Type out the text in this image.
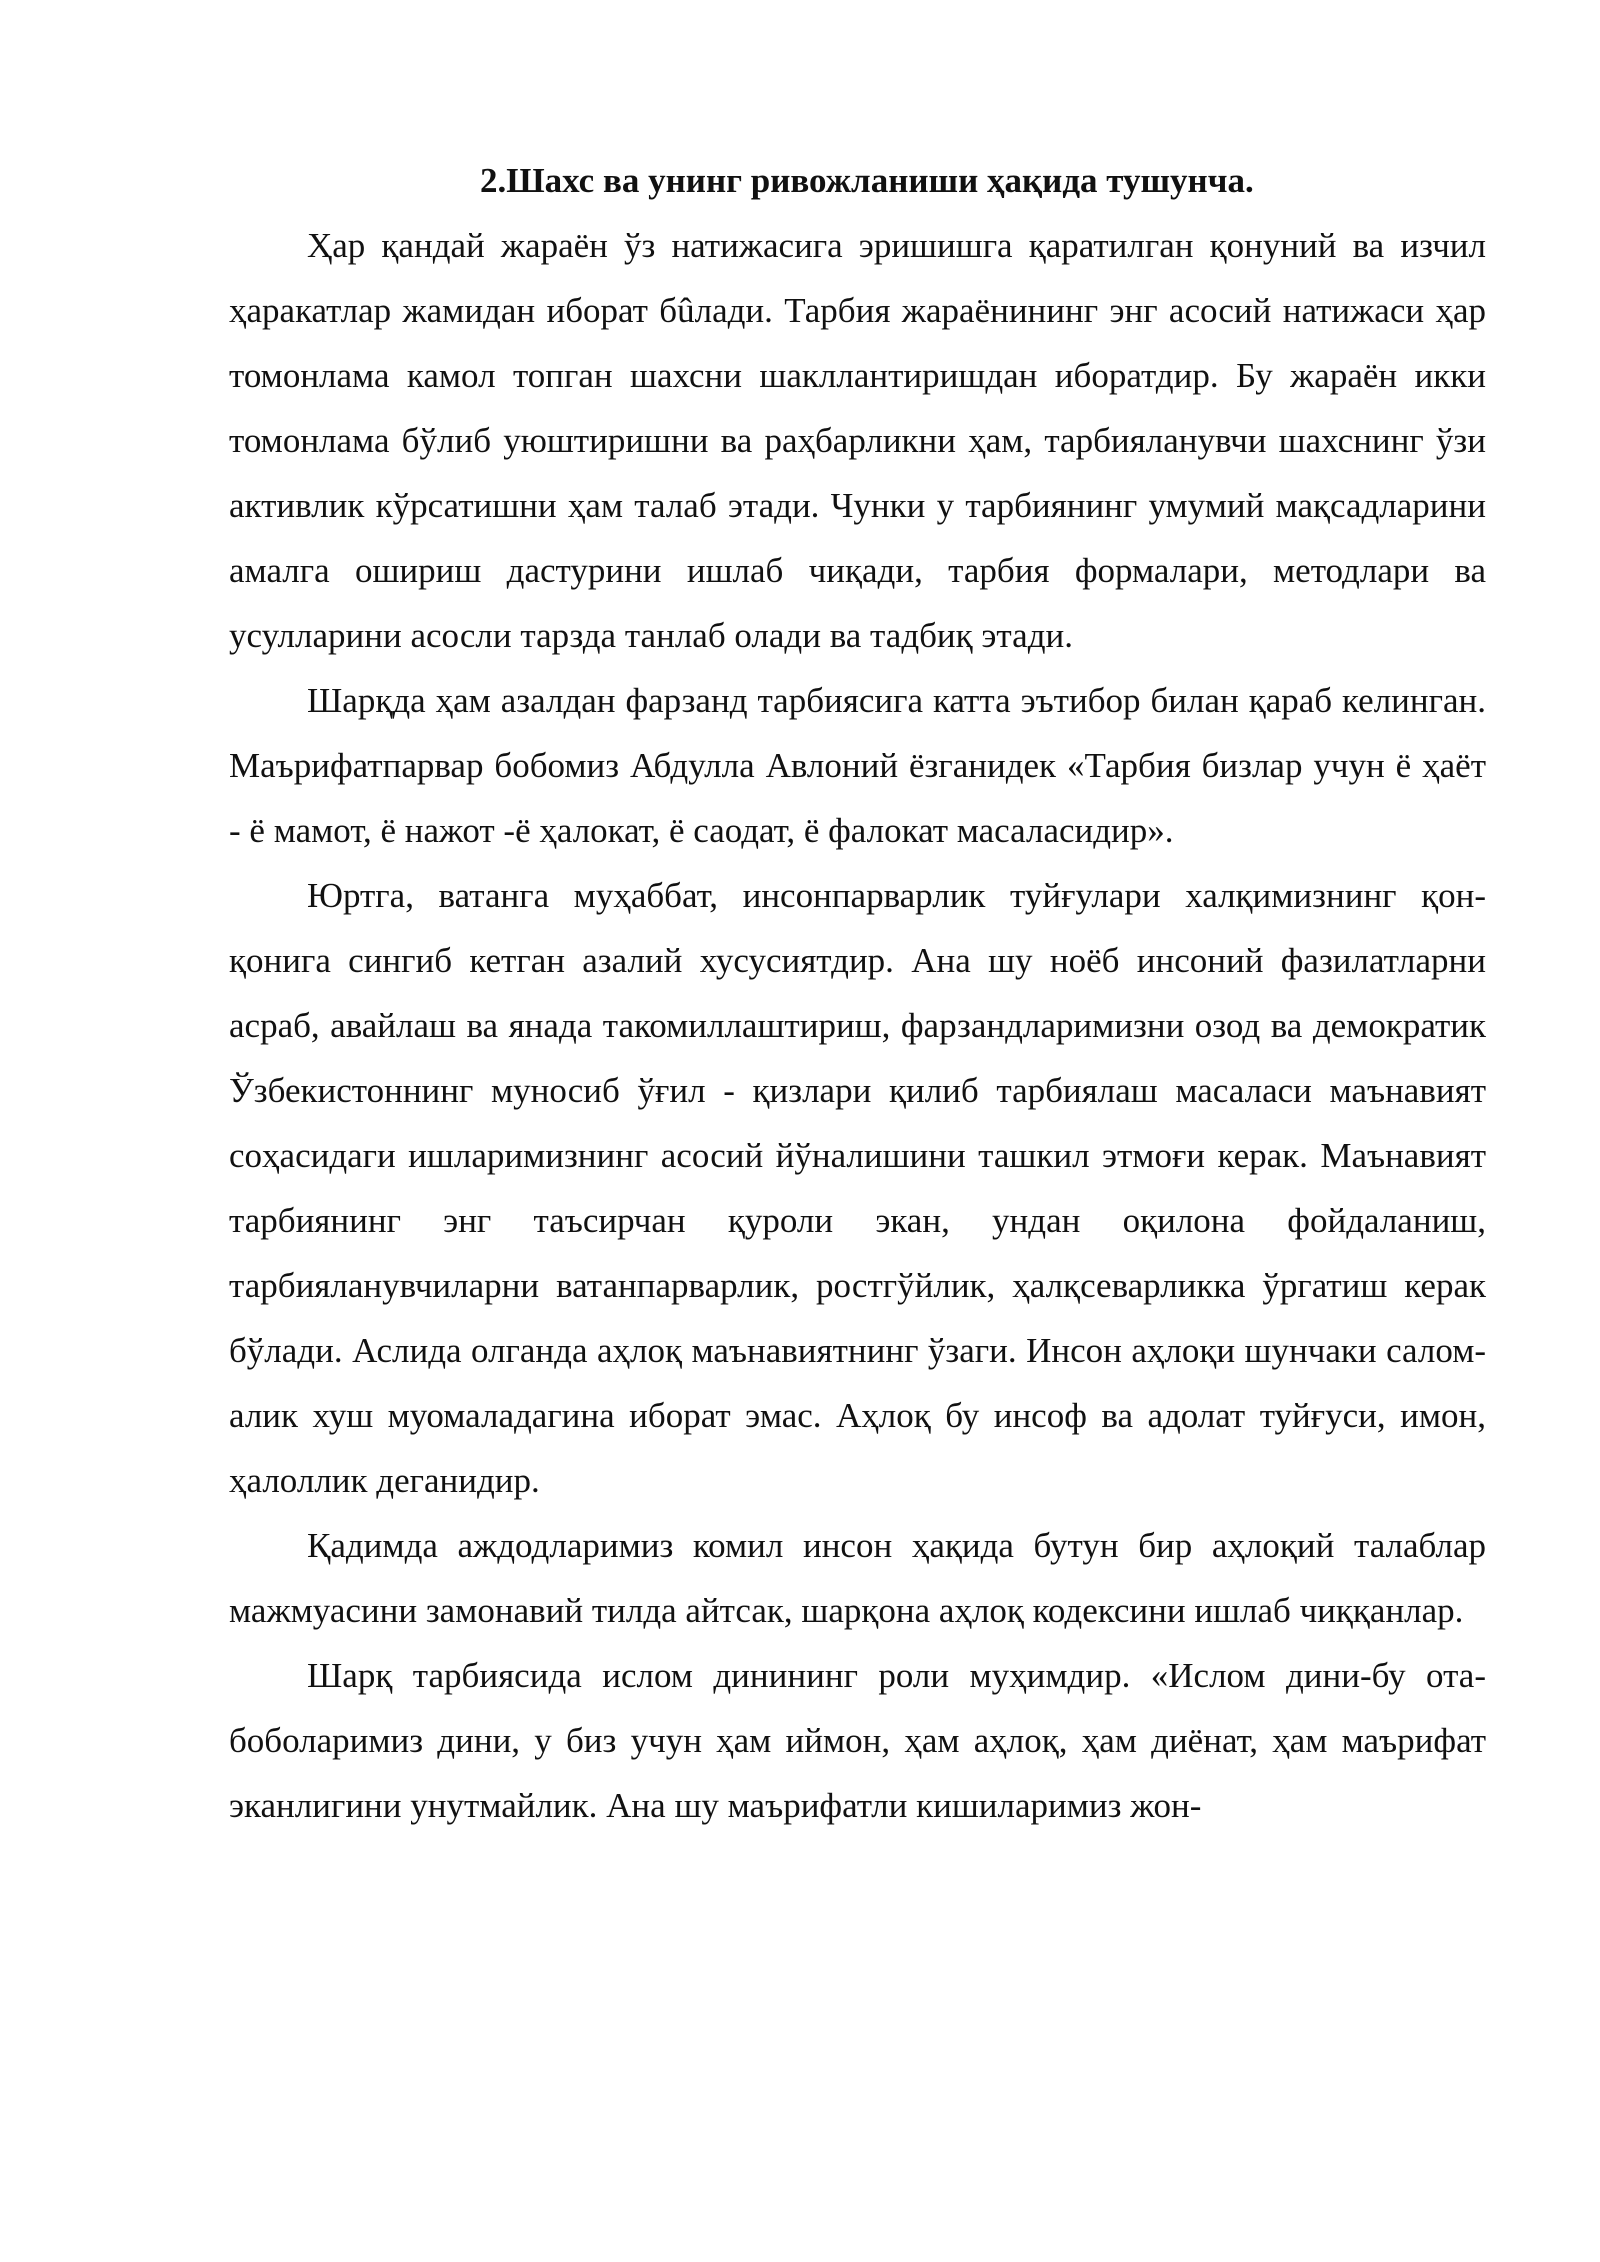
2.Шахс ва унинг ривожланиши ҳақида тушунча.

Ҳар қандай жараён ўз натижасига эришишга қаратилган қонуний ва изчил ҳаракатлар жамидан иборат бûлади. Тарбия жараёнининг энг асосий натижаси ҳар томонлама камол топган шахсни шакллантиришдан иборатдир. Бу жараён икки томонлама бўлиб уюштиришни ва раҳбарликни ҳам, тарбияланувчи шахснинг ўзи активлик кўрсатишни ҳам талаб этади. Чунки у тарбиянинг умумий мақсадларини амалга ошириш дастурини ишлаб чиқади, тарбия формалари, методлари ва усулларини асосли тарзда танлаб олади ва тадбиқ этади.

Шарқда ҳам азалдан фарзанд тарбиясига катта эътибор билан қараб келинган. Маърифатпарвар бобомиз Абдулла Авлоний ёзганидек «Тарбия бизлар учун ё ҳаёт - ё мамот, ё нажот -ё ҳалокат, ё саодат, ё фалокат масаласидир».

Юртга, ватанга муҳаббат, инсонпарварлик туйғулари халқимизнинг қон-қонига сингиб кетган азалий хусусиятдир. Ана шу ноёб инсоний фазилатларни асраб, авайлаш ва янада такомиллаштириш, фарзандларимизни озод ва демократик Ўзбекистоннинг муносиб ўғил - қизлари қилиб тарбиялаш масаласи маънавият соҳасидаги ишларимизнинг асосий йўналишини ташкил этмоғи керак. Маънавият тарбиянинг энг таъсирчан қуроли экан, ундан оқилона фойдаланиш, тарбияланувчиларни ватанпарварлик, ростгўйлик, ҳалқсеварликка ўргатиш керак бўлади. Аслида олганда аҳлоқ маънавиятнинг ўзаги. Инсон аҳлоқи шунчаки салом-алик хуш муомаладагина иборат эмас. Аҳлоқ бу инсоф ва адолат туйғуси, имон, ҳалоллик деганидир.

Қадимда аждодларимиз комил инсон ҳақида бутун бир аҳлоқий талаблар мажмуасини замонавий тилда айтсак, шарқона аҳлоқ кодексини ишлаб чиққанлар.

Шарқ тарбиясида ислом динининг роли муҳимдир. «Ислом дини-бу ота-боболаримиз дини, у биз учун ҳам иймон, ҳам аҳлоқ, ҳам диёнат, ҳам маърифат эканлигини унутмайлик. Ана шу маърифатли кишиларимиз жон-
